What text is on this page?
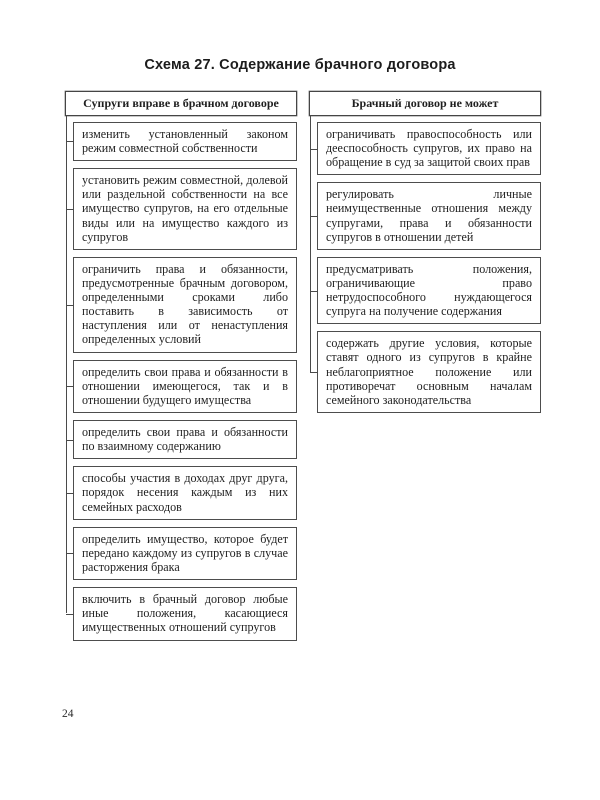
Схема 27. Содержание брачного договора
Супруги вправе в брачном договоре
изменить установленный законом режим совместной собственности
установить режим совместной, долевой или раздельной собственности на все имущество супругов, на его отдельные виды или на имущество каждого из супругов
ограничить права и обязанности, предусмотренные брачным договором, определенными сроками либо поставить в зависимость от наступления или от ненаступления определенных условий
определить свои права и обязанности в отношении имеющегося, так и в отношении будущего имущества
определить свои права и обязанности по взаимному содержанию
способы участия в доходах друг друга, порядок несения каждым из них семейных расходов
определить имущество, которое будет передано каждому из супругов в случае расторжения брака
включить в брачный договор любые иные положения, касающиеся имущественных отношений супругов
Брачный договор не может
ограничивать правоспособность или дееспособность супругов, их право на обращение в суд за защитой своих прав
регулировать личные неимущественные отношения между супругами, права и обязанности супругов в отношении детей
предусматривать положения, ограничивающие право нетрудоспособного нуждающегося супруга на получение содержания
содержать другие условия, которые ставят одного из супругов в крайне неблагоприятное положение или противоречат основным началам семейного законодательства
24
